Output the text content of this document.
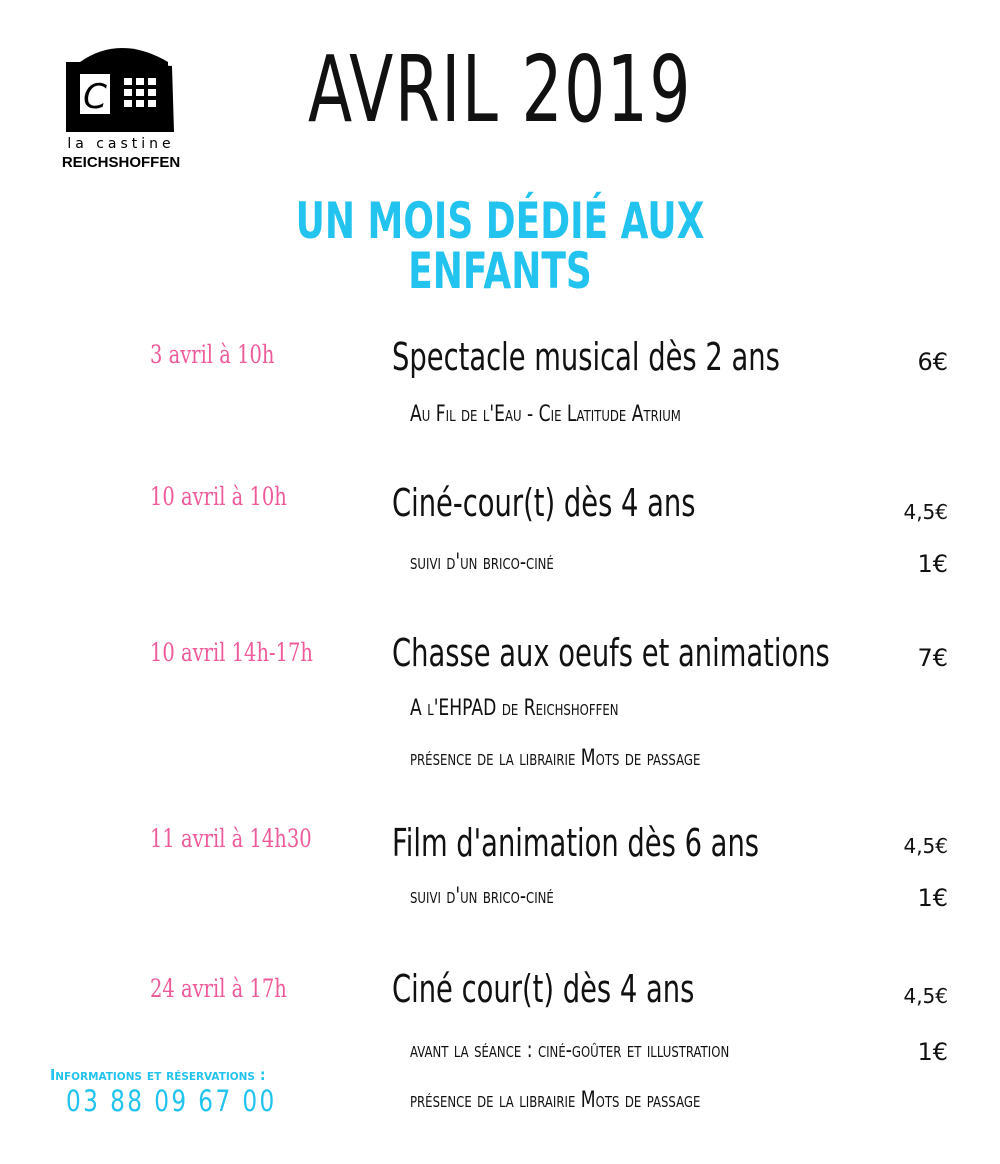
C
la castine
REICHSHOFFEN
AVRIL 2019
UN MOIS DÉDIÉ AUX ENFANTS
3 avril à 10h	Spectacle musical dès 2 ans	6€
Au Fil de l'Eau - Cie Latitude Atrium
10 avril à 10h	Ciné-cour(t) dès 4 ans	4,5€
suivi d'un brico-ciné	1€
10 avril 14h-17h	Chasse aux oeufs et animations	7€
A l'EHPAD de Reichshoffen
présence de la librairie Mots de passage
11 avril à 14h30	Film d'animation dès 6 ans	4,5€
suivi d'un brico-ciné	1€
24 avril à 17h	Ciné cour(t) dès 4 ans	4,5€
avant la séance : ciné-goûter et illustration	1€
présence de la librairie Mots de passage
Informations et réservations :
03 88 09 67 00
